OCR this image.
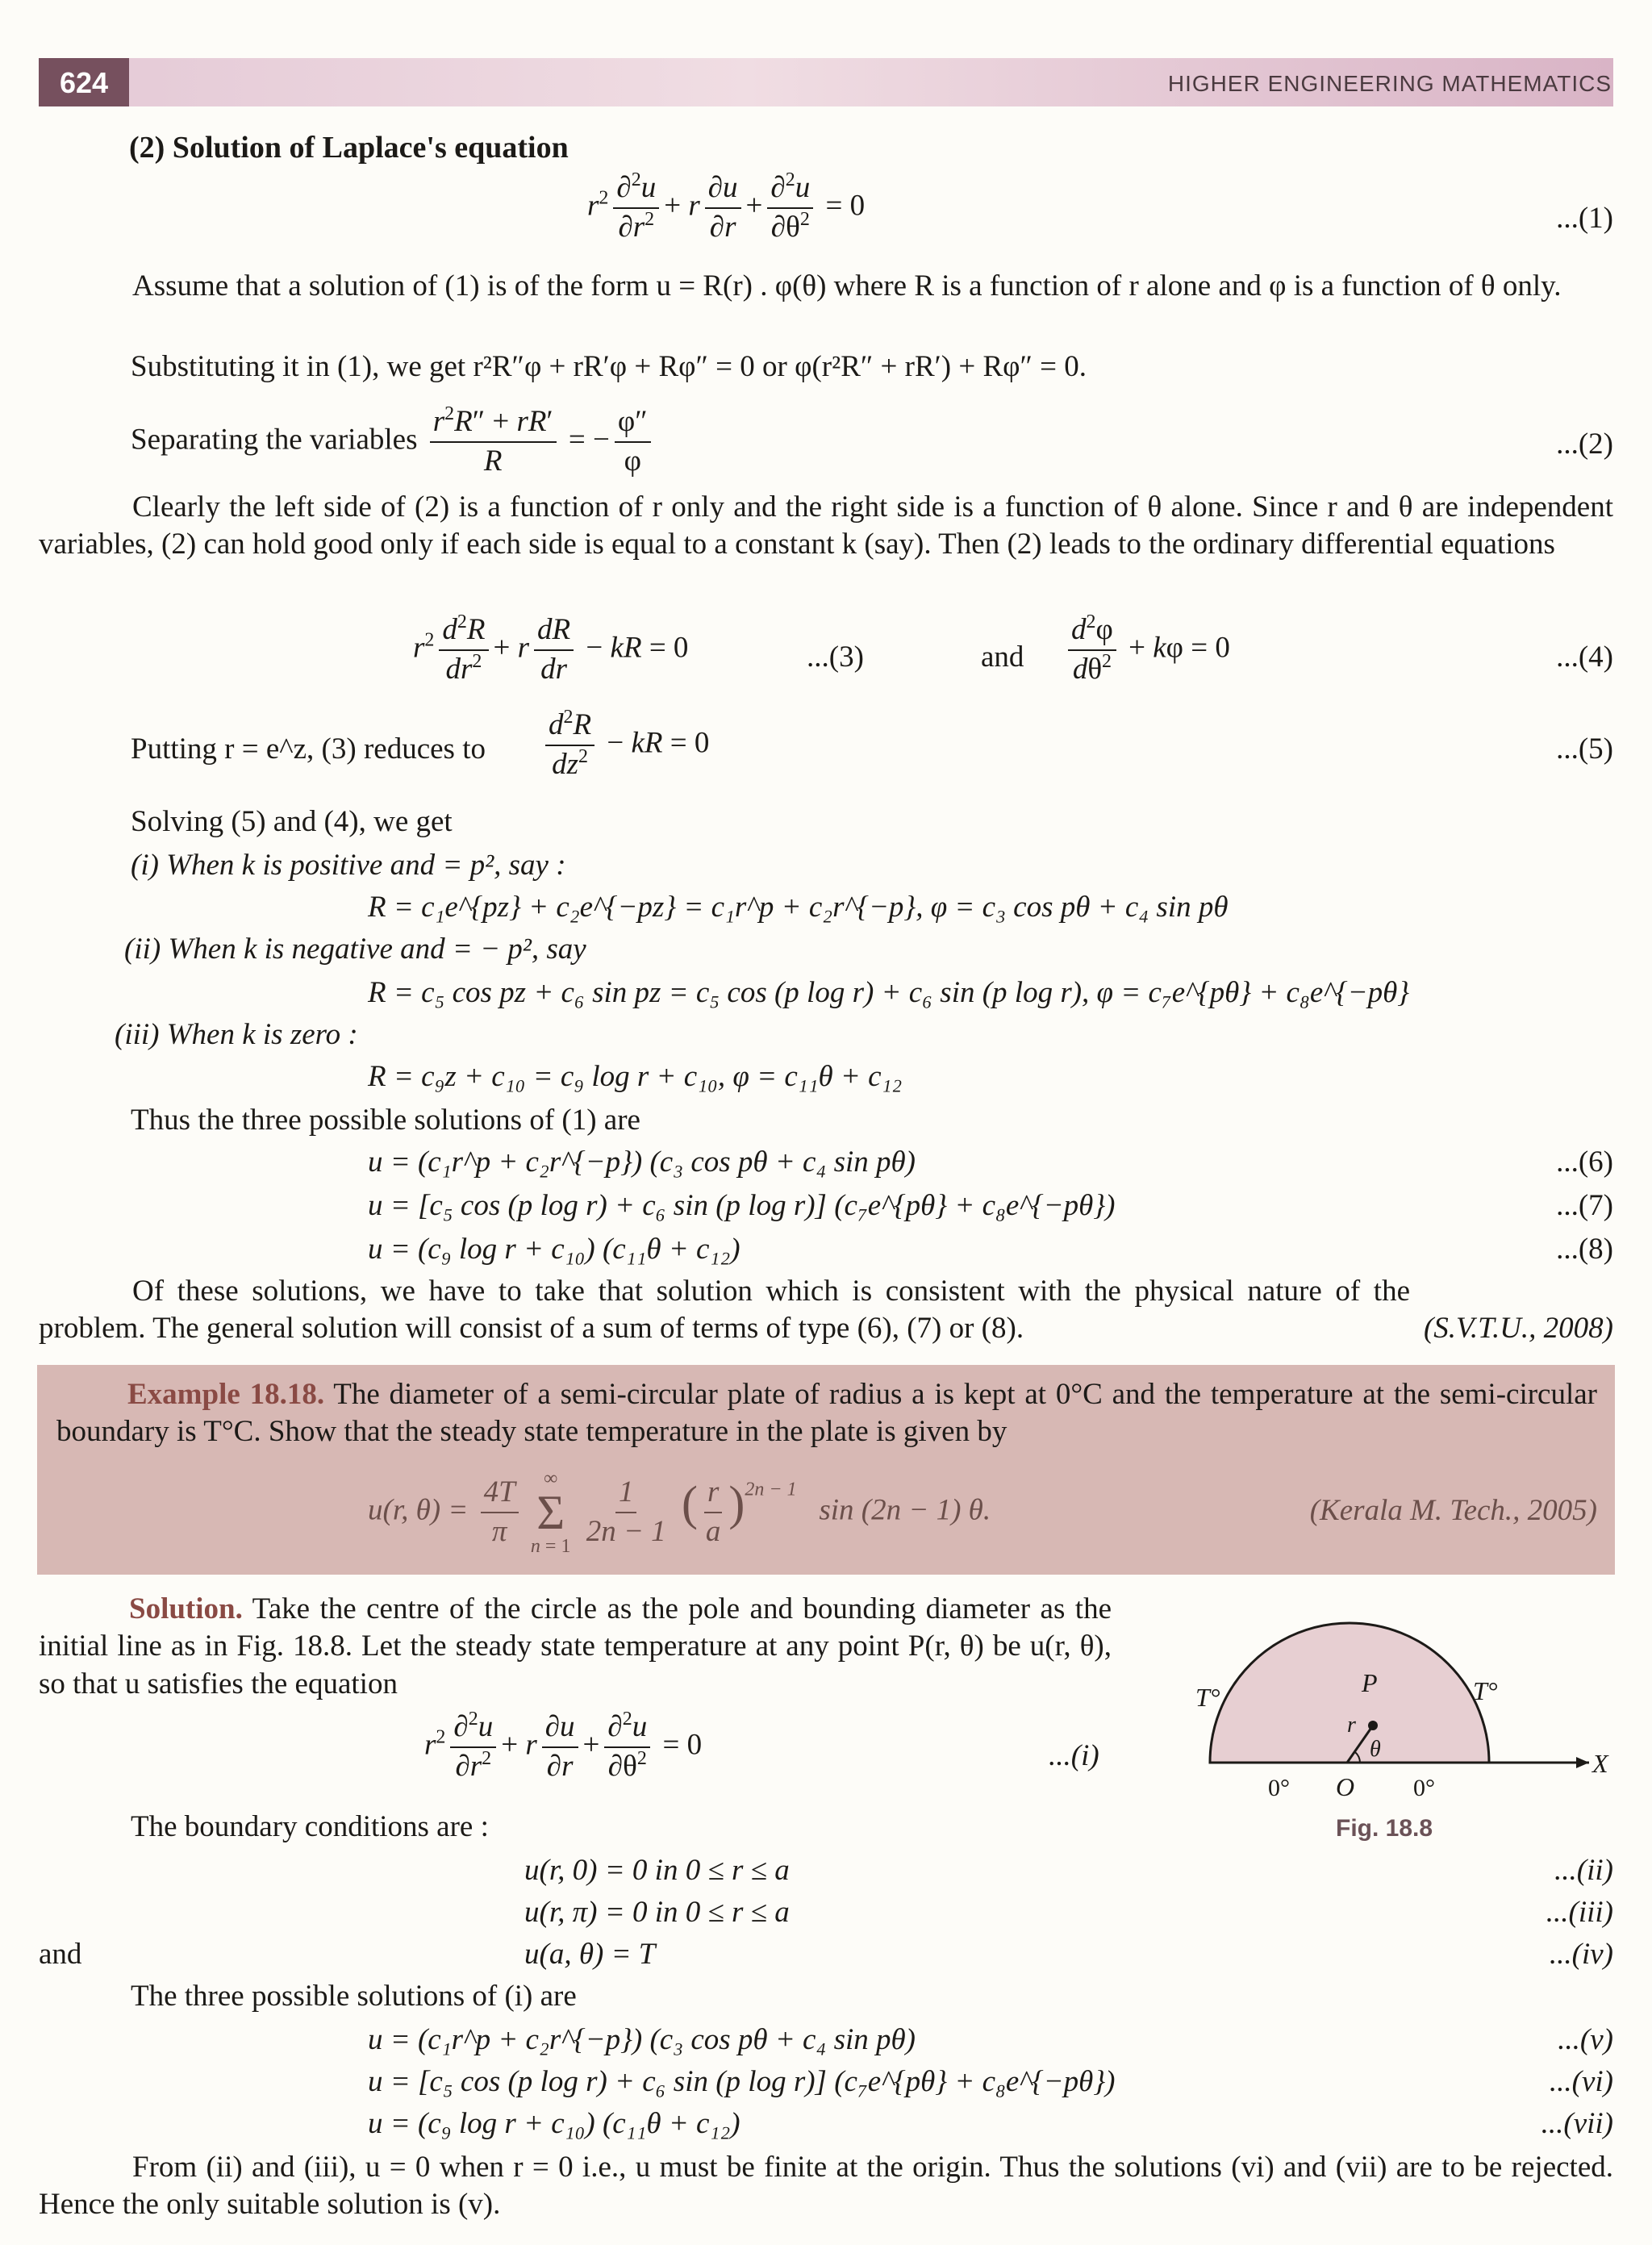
624	HIGHER ENGINEERING MATHEMATICS
(2) Solution of Laplace's equation
$r^2 \frac{\partial^2u}{\partial r^2} + r \frac{\partial u}{\partial r} + \frac{\partial^2u}{\partial\theta^2} = 0$	...(1)
Assume that a solution of (1) is of the form u = R(r) . φ(θ) where R is a function of r alone and φ is a function of θ only.
Substituting it in (1), we get r²R″φ + rR′φ + Rφ″ = 0 or φ(r²R″ + rR′) + Rφ″ = 0.
Separating the variables $\frac{r^2R'' + rR'}{R}$ = − $\frac{\varphi''}{\varphi}$	...(2)
Clearly the left side of (2) is a function of r only and the right side is a function of θ alone. Since r and θ are independent variables, (2) can hold good only if each side is equal to a constant k (say). Then (2) leads to the ordinary differential equations
$r^2 \frac{d^2R}{dr^2} + r \frac{dR}{dr}$ − kR = 0	...(3)	and $\frac{d^2\varphi}{d\theta^2} + k\varphi = 0$	...(4)
Putting r = e^z, (3) reduces to $\frac{d^2R}{dz^2}$ − kR = 0	...(5)
Solving (5) and (4), we get
(i) When k is positive and = p², say :
R = c₁e^{pz} + c₂e^{−pz} = c₁r^p + c₂r^{−p}, φ = c₃ cos pθ + c₄ sin pθ
(ii) When k is negative and = − p², say
R = c₅ cos pz + c₆ sin pz = c₅ cos (p log r) + c₆ sin (p log r), φ = c₇e^{pθ} + c₈e^{−pθ}
(iii) When k is zero :
R = c₉z + c₁₀ = c₉ log r + c₁₀, φ = c₁₁θ + c₁₂
Thus the three possible solutions of (1) are
u = (c₁r^p + c₂r^{−p}) (c₃ cos pθ + c₄ sin pθ)	...(6)
u = [c₅ cos (p log r) + c₆ sin (p log r)] (c₇e^{pθ} + c₈e^{−pθ})	...(7)
u = (c₉ log r + c₁₀) (c₁₁θ + c₁₂)	...(8)
Of these solutions, we have to take that solution which is consistent with the physical nature of the problem. The general solution will consist of a sum of terms of type (6), (7) or (8).	(S.V.T.U., 2008)
Example 18.18. The diameter of a semi-circular plate of radius a is kept at 0°C and the temperature at the semi-circular boundary is T°C. Show that the steady state temperature in the plate is given by
u(r, $\theta) = \frac{4T}{\pi}$
∞
Σ
n = 1
$\frac{1}{2n - 1}$ ( $\frac{r}{a} )^{2n - 1}$   sin (2n − 1) θ.	(Kerala M. Tech., 2005)
Solution. Take the centre of the circle as the pole and bounding diameter as the initial line as in Fig. 18.8. Let the steady state temperature at any point P(r, θ) be u(r, θ), so that u satisfies the equation
$r^2 \frac{\partial^2u}{\partial r^2} + r \frac{\partial u}{\partial r} + \frac{\partial^2u}{\partial\theta^2} = 0$	...(i)
T°	T°
P
r
θ
0° O 0°
X
Fig. 18.8
The boundary conditions are :
u(r, 0) = 0 in 0 ≤ r ≤ a	...(ii)
u(r, π) = 0 in 0 ≤ r ≤ a	...(iii)
and	u(a, θ) = T	...(iv)
The three possible solutions of (i) are
u = (c₁r^p + c₂r^{−p}) (c₃ cos pθ + c₄ sin pθ)	...(v)
u = [c₅ cos (p log r) + c₆ sin (p log r)] (c₇e^{pθ} + c₈e^{−pθ})	...(vi)
u = (c₉ log r + c₁₀) (c₁₁θ + c₁₂)	...(vii)
From (ii) and (iii), u = 0 when r = 0 i.e., u must be finite at the origin. Thus the solutions (vi) and (vii) are to be rejected. Hence the only suitable solution is (v).
